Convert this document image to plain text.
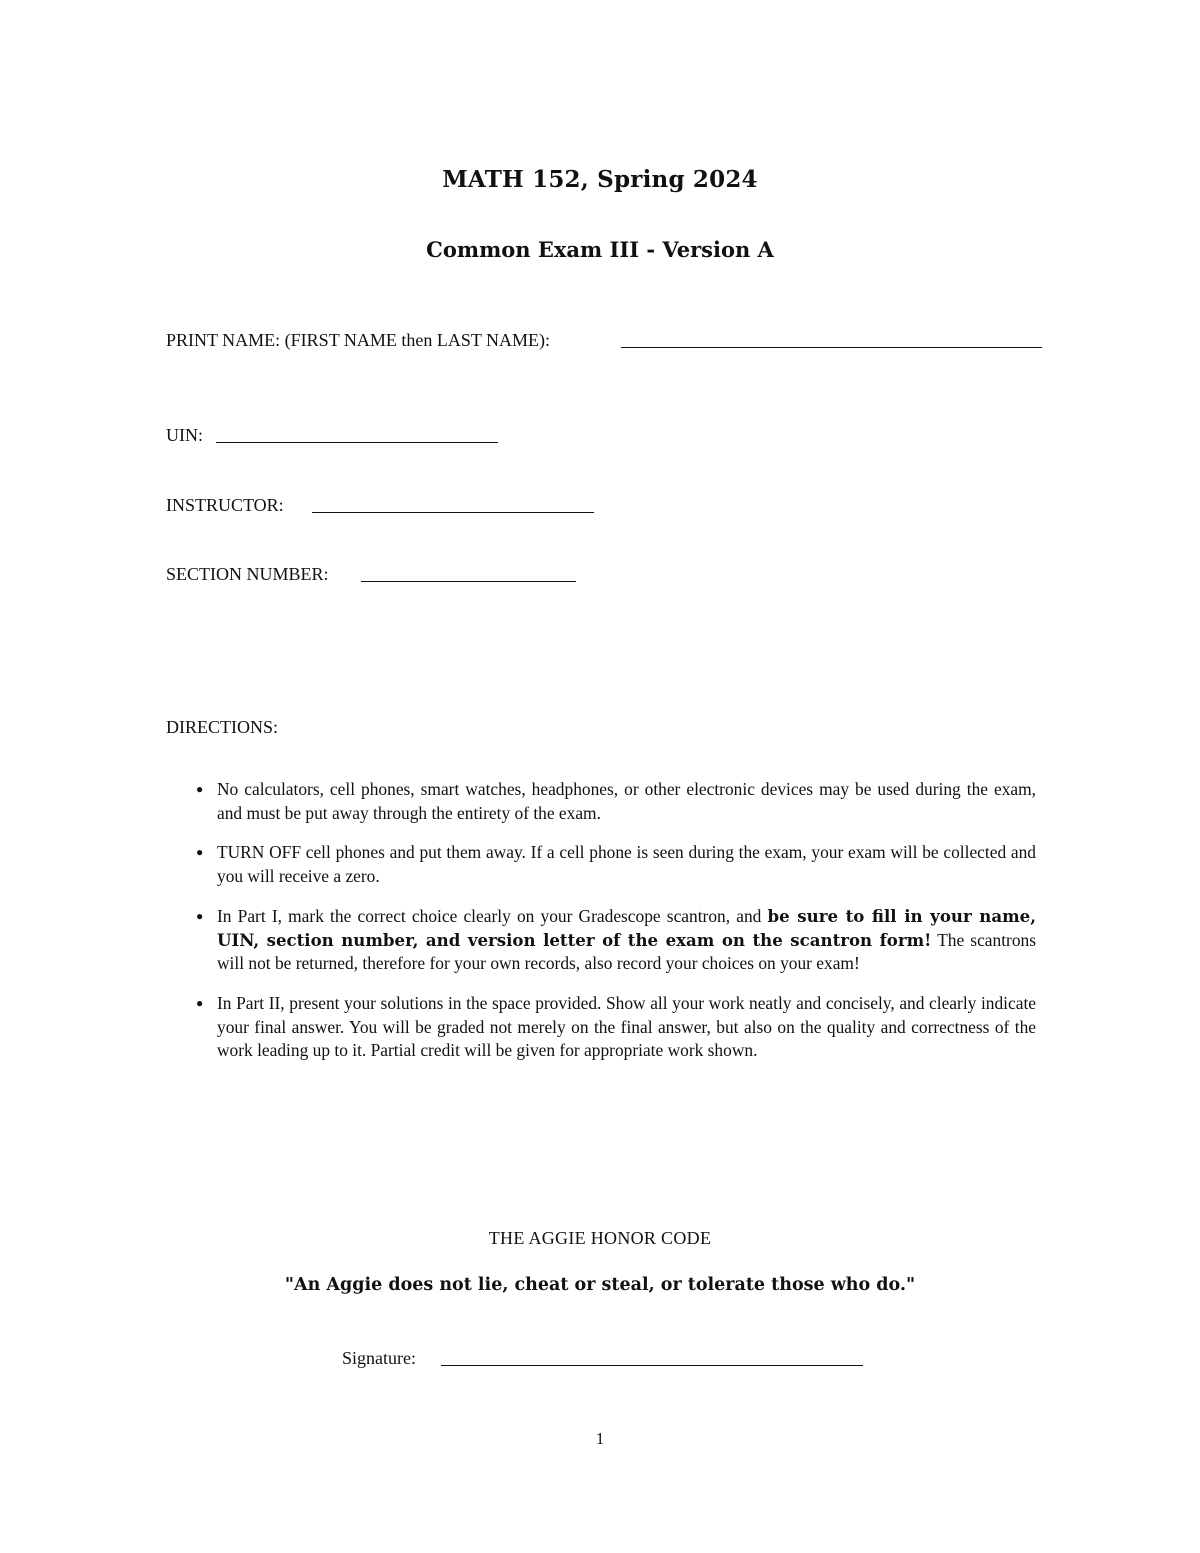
MATH 152, Spring 2024
Common Exam III - Version A
PRINT NAME: (FIRST NAME then LAST NAME):
UIN:
INSTRUCTOR:
SECTION NUMBER:
DIRECTIONS:
● No calculators, cell phones, smart watches, headphones, or other electronic devices may be used during the exam, and must be put away through the entirety of the exam.
● TURN OFF cell phones and put them away. If a cell phone is seen during the exam, your exam will be collected and you will receive a zero.
● In Part I, mark the correct choice clearly on your Gradescope scantron, and be sure to fill in your name, UIN, section number, and version letter of the exam on the scantron form! The scantrons will not be returned, therefore for your own records, also record your choices on your exam!
● In Part II, present your solutions in the space provided. Show all your work neatly and concisely, and clearly indicate your final answer. You will be graded not merely on the final answer, but also on the quality and correctness of the work leading up to it. Partial credit will be given for appropriate work shown.
THE AGGIE HONOR CODE
"An Aggie does not lie, cheat or steal, or tolerate those who do."
Signature:
1
